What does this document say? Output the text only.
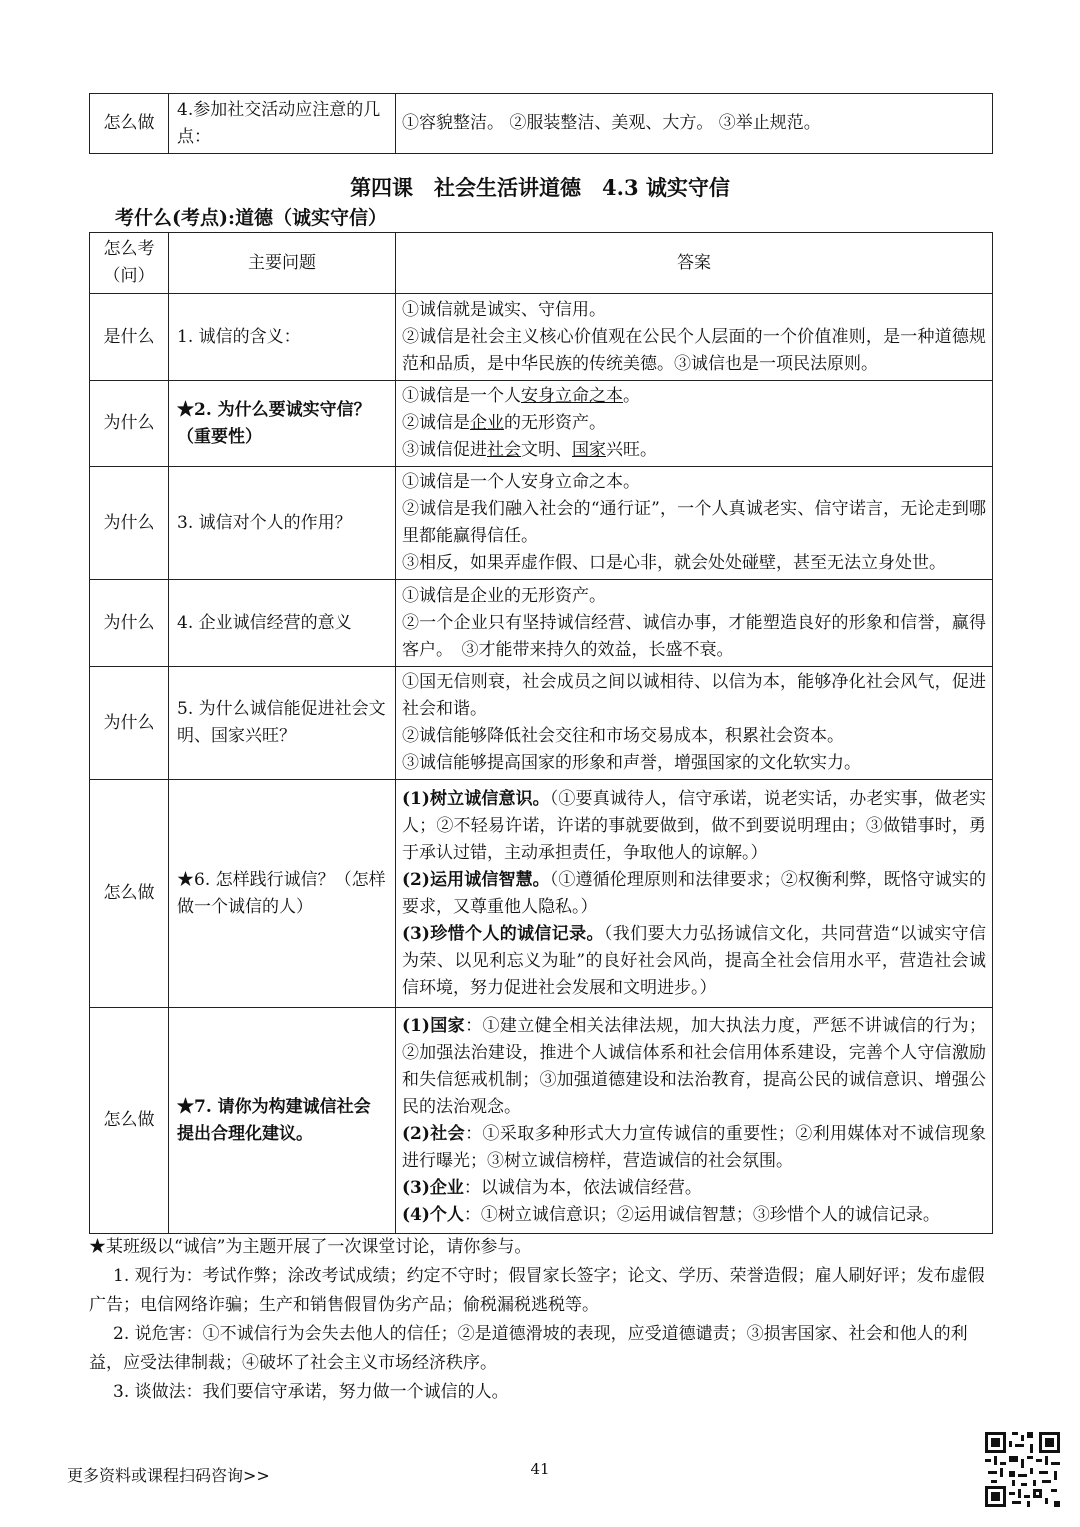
怎么做	4.参加社交活动应注意的几点：	①容貌整洁。 ②服装整洁、美观、大方。 ③举止规范。
第四课　社会生活讲道德　4.3 诚实守信
考什么(考点):道德（诚实守信）
怎么考（问）	主要问题	答案
是什么	1. 诚信的含义：	①诚信就是诚实、守信用。
②诚信是社会主义核心价值观在公民个人层面的一个价值准则，是一种道德规范和品质，是中华民族的传统美德。③诚信也是一项民法原则。

为什么	★2. 为什么要诚实守信？（重要性）	①诚信是一个人安身立命之本。
②诚信是企业的无形资产。
③诚信促进社会文明、国家兴旺。

为什么	3. 诚信对个人的作用？	①诚信是一个人安身立命之本。
②诚信是我们融入社会的“通行证”，一个人真诚老实、信守诺言，无论走到哪里都能赢得信任。
③相反，如果弄虚作假、口是心非，就会处处碰壁，甚至无法立身处世。

为什么	4. 企业诚信经营的意义	①诚信是企业的无形资产。
②一个企业只有坚持诚信经营、诚信办事，才能塑造良好的形象和信誉，赢得客户。　③才能带来持久的效益，长盛不衰。

为什么	5. 为什么诚信能促进社会文明、国家兴旺？	①国无信则衰，社会成员之间以诚相待、以信为本，能够净化社会风气，促进社会和谐。
②诚信能够降低社会交往和市场交易成本，积累社会资本。
③诚信能够提高国家的形象和声誉，增强国家的文化软实力。

怎么做	★6. 怎样践行诚信？（怎样做一个诚信的人）	(1)树立诚信意识。（①要真诚待人，信守承诺，说老实话，办老实事，做老实人；②不轻易许诺，许诺的事就要做到，做不到要说明理由；③做错事时，勇于承认过错，主动承担责任，争取他人的谅解。）
(2)运用诚信智慧。（①遵循伦理原则和法律要求；②权衡利弊，既恪守诚实的要求，又尊重他人隐私。）
(3)珍惜个人的诚信记录。（我们要大力弘扬诚信文化，共同营造“以诚实守信为荣、以见利忘义为耻”的良好社会风尚，提高全社会信用水平，营造社会诚信环境，努力促进社会发展和文明进步。）

怎么做	★7. 请你为构建诚信社会提出合理化建议。	(1)国家：①建立健全相关法律法规，加大执法力度，严惩不讲诚信的行为；②加强法治建设，推进个人诚信体系和社会信用体系建设，完善个人守信激励和失信惩戒机制；③加强道德建设和法治教育，提高公民的诚信意识、增强公民的法治观念。
(2)社会：①采取多种形式大力宣传诚信的重要性；②利用媒体对不诚信现象进行曝光；③树立诚信榜样，营造诚信的社会氛围。
(3)企业：以诚信为本，依法诚信经营。
(4)个人：①树立诚信意识；②运用诚信智慧；③珍惜个人的诚信记录。
★某班级以“诚信”为主题开展了一次课堂讨论，请你参与。
1. 观行为：考试作弊；涂改考试成绩；约定不守时；假冒家长签字；论文、学历、荣誉造假；雇人刷好评；发布虚假广告；电信网络诈骗；生产和销售假冒伪劣产品；偷税漏税逃税等。
2. 说危害：①不诚信行为会失去他人的信任；②是道德滑坡的表现，应受道德谴责；③损害国家、社会和他人的利益，应受法律制裁；④破坏了社会主义市场经济秩序。
3. 谈做法：我们要信守承诺，努力做一个诚信的人。
更多资料或课程扫码咨询>>	41
